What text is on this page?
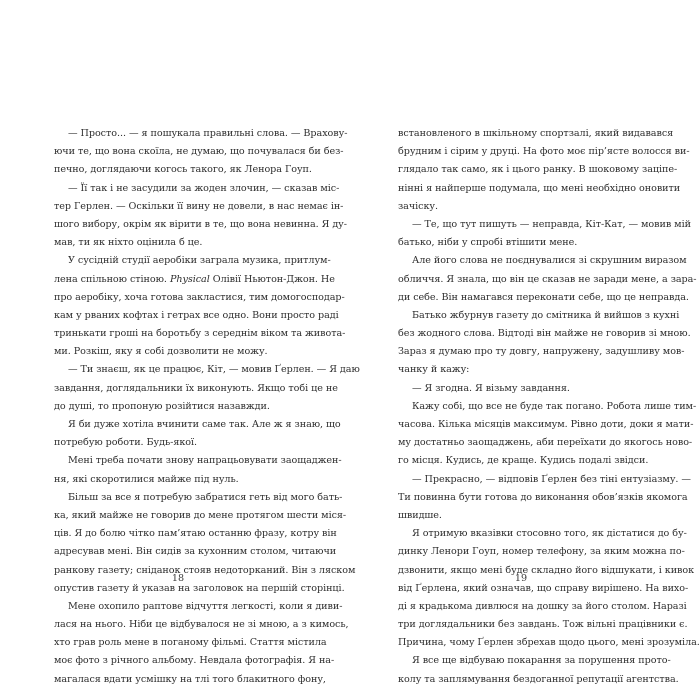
— Просто... — я пошукала правильні слова. — Врахову-
ючи те, що вона скоїла, не думаю, що почувалася би без-
печно, доглядаючи когось такого, як Ленора Гоуп.
— Її так і не засудили за жоден злочин, — сказав міс-
тер Герлен. — Оскільки її вину не довели, в нас немає ін-
шого вибору, окрім як вірити в те, що вона невинна. Я ду-
мав, ти як ніхто оцінила б це.
У сусідній студії аеробіки заграла музика, притлум-
лена спільною стіною. Physical Олівії Ньютон-Джон. Не
про аеробіку, хоча готова закластися, тим домогосподар-
кам у рваних кофтах і гетрах все одно. Вони просто раді
тринькати гроші на боротьбу з середнім віком та живота-
ми. Розкіш, яку я собі дозволити не можу.
— Ти знаєш, як це працює, Кіт, — мовив Ґерлен. — Я даю
завдання, доглядальники їх виконують. Якщо тобі це не
до душі, то пропоную розійтися назавжди.
Я би дуже хотіла вчинити саме так. Але ж я знаю, що
потребую роботи. Будь-якої.
Мені треба почати знову напрацьовувати заощаджен-
ня, які скоротилися майже під нуль.
Більш за все я потребую забратися геть від мого бать-
ка, який майже не говорив до мене протягом шести міся-
ців. Я до болю чітко пам’ятаю останню фразу, котру він
адресував мені. Він сидів за кухонним столом, читаючи
ранкову газету; сніданок стояв недоторканий. Він з ляском
опустив газету й указав на заголовок на першій сторінці.
Мене охопило раптове відчуття легкості, коли я диви-
лася на нього. Ніби це відбувалося не зі мною, а з кимось,
хто грав роль мене в поганому фільмі. Стаття містила
моє фото з річного альбому. Невдала фотографія. Я на-
магалася вдати усмішку на тлі того блакитного фону,
18
встановленого в шкільному спортзалі, який видавався
брудним і сірим у друці. На фото моє пір’ясте волосся ви-
глядало так само, як і цього ранку. В шоковому заціпе-
нінні я найперше подумала, що мені необхідно оновити
зачіску.
— Те, що тут пишуть — неправда, Кіт-Кат, — мовив мій
батько, ніби у спробі втішити мене.
Але його слова не поєднувалися зі скрушним виразом
обличчя. Я знала, що він це сказав не заради мене, а зара-
ди себе. Він намагався переконати себе, що це неправда.
Батько жбурнув газету до смітника й вийшов з кухні
без жодного слова. Відтоді він майже не говорив зі мною.
Зараз я думаю про ту довгу, напружену, задушливу мов-
чанку й кажу:
— Я згодна. Я візьму завдання.
Кажу собі, що все не буде так погано. Робота лише тим-
часова. Кілька місяців максимум. Рівно доти, доки я мати-
му достатньо заощаджень, аби переїхати до якогось ново-
го місця. Кудись, де краще. Кудись подалі звідси.
— Прекрасно, — відповів Ґерлен без тіні ентузіазму. —
Ти повинна бути готова до виконання обов’язків якомога
швидше.
Я отримую вказівки стосовно того, як дістатися до бу-
динку Ленори Гоуп, номер телефону, за яким можна по-
дзвонити, якщо мені буде складно його відшукати, і кивок
від Ґерлена, який означав, що справу вирішено. На вихо-
ді я крадькома дивлюся на дошку за його столом. Наразі
три доглядальники без завдань. Тож вільні працівники є.
Причина, чому Ґерлен збрехав щодо цього, мені зрозуміла.
Я все ще відбуваю покарання за порушення прото-
колу та заплямування бездоганної репутації агентства.
19
